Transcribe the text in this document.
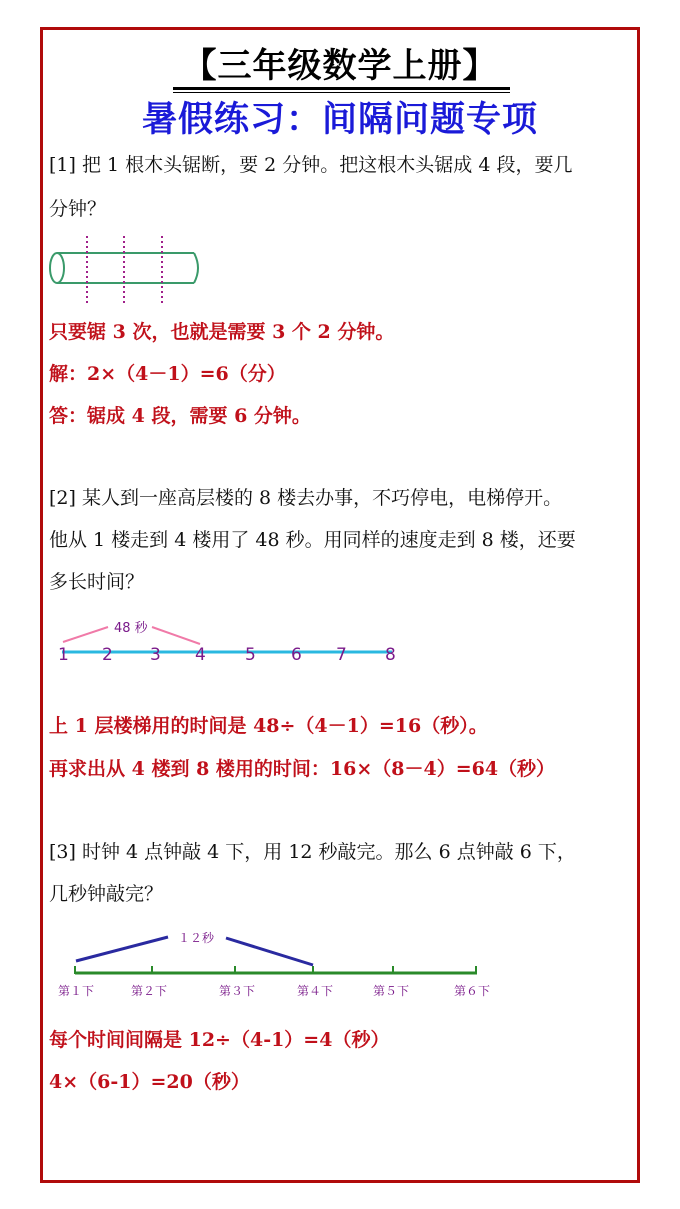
【三年级数学上册】
暑假练习：间隔问题专项
[1] 把 1 根木头锯断，要 2 分钟。把这根木头锯成 4 段，要几
分钟？
只要锯 3 次，也就是需要 3 个 2 分钟。
解：2×（4－1）=6（分）
答：锯成 4 段，需要 6 分钟。
[2] 某人到一座高层楼的 8 楼去办事，不巧停电，电梯停开。
他从 1 楼走到 4 楼用了 48 秒。用同样的速度走到 8 楼，还要
多长时间？
48 秒
1 2 3 4 5 6 7 8
上 1 层楼梯用的时间是 48÷（4－1）=16（秒）。
再求出从 4 楼到 8 楼用的时间：16×（8－4）=64（秒）
[3] 时钟 4 点钟敲 4 下，用 12 秒敲完。那么 6 点钟敲 6 下，
几秒钟敲完？
１２秒
第１下	第２下	第３下	第４下	第５下	第６下
每个时间间隔是 12÷（4-1）=4（秒）
4×（6-1）=20（秒）
